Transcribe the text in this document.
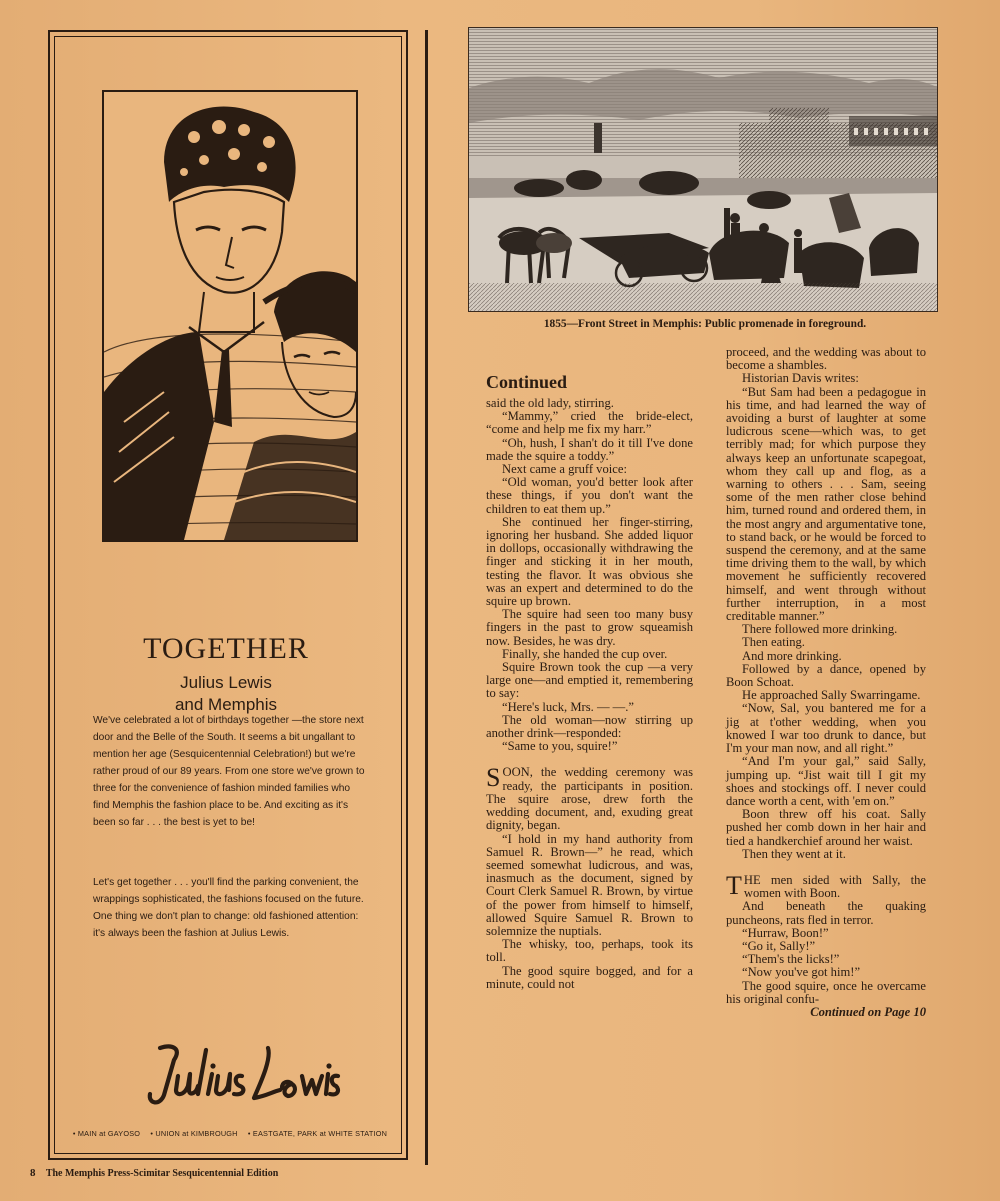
TOGETHER
Julius Lewis
and Memphis

We've celebrated a lot of birthdays together —the store next door and the Belle of the South. It seems a bit ungallant to mention her age (Sesquicentennial Celebration!) but we're rather proud of our 89 years. From one store we've grown to three for the convenience of fashion minded families who find Memphis the fashion place to be. And exciting as it's been so far . . . the best is yet to be!

Let's get together . . . you'll find the parking convenient, the wrappings sophisticated, the fashions focused on the future. One thing we don't plan to change: old fashioned attention: it's always been the fashion at Julius Lewis.

• MAIN at GAYOSO • UNION at KIMBROUGH • EASTGATE, PARK at WHITE STATION
8 The Memphis Press-Scimitar Sesquicentennial Edition
1855—Front Street in Memphis: Public promenade in foreground.
Continued

said the old lady, stirring.

“Mammy,” cried the bride-elect, “come and help me fix my harr.”

“Oh, hush, I shan't do it till I've done made the squire a toddy.”

Next came a gruff voice:

“Old woman, you'd better look after these things, if you don't want the children to eat them up.”

She continued her finger-stirring, ignoring her husband. She added liquor in dollops, occasionally withdrawing the finger and sticking it in her mouth, testing the flavor. It was obvious she was an expert and determined to do the squire up brown.

The squire had seen too many busy fingers in the past to grow squeamish now. Besides, he was dry.

Finally, she handed the cup over.

Squire Brown took the cup —a very large one—and emptied it, remembering to say:

“Here's luck, Mrs. — —.”

The old woman—now stirring up another drink—responded:

“Same to you, squire!”

SOON, the wedding ceremony was ready, the participants in position. The squire arose, drew forth the wedding document, and, exuding great dignity, began.

“I hold in my hand authority from Samuel R. Brown—” he read, which seemed somewhat ludicrous, and was, inasmuch as the document, signed by Court Clerk Samuel R. Brown, by virtue of the power from himself to himself, allowed Squire Samuel R. Brown to solemnize the nuptials.

The whisky, too, perhaps, took its toll.

The good squire bogged, and for a minute, could not

proceed, and the wedding was about to become a shambles.

Historian Davis writes:

“But Sam had been a pedagogue in his time, and had learned the way of avoiding a burst of laughter at some ludicrous scene—which was, to get terribly mad; for which purpose they always keep an unfortunate scapegoat, whom they call up and flog, as a warning to others . . . Sam, seeing some of the men rather close behind him, turned round and ordered them, in the most angry and argumentative tone, to stand back, or he would be forced to suspend the ceremony, and at the same time driving them to the wall, by which movement he sufficiently recovered himself, and went through without further interruption, in a most creditable manner.”

There followed more drinking.

Then eating.

And more drinking.

Followed by a dance, opened by Boon Schoat.

He approached Sally Swarringame.

“Now, Sal, you bantered me for a jig at t'other wedding, when you knowed I war too drunk to dance, but I'm your man now, and all right.”

“And I'm your gal,” said Sally, jumping up. “Jist wait till I git my shoes and stockings off. I never could dance worth a cent, with 'em on.”

Boon threw off his coat. Sally pushed her comb down in her hair and tied a handkerchief around her waist.

Then they went at it.

THE men sided with Sally, the women with Boon.

And beneath the quaking puncheons, rats fled in terror.

“Hurraw, Boon!”

“Go it, Sally!”

“Them's the licks!”

“Now you've got him!”

The good squire, once he overcame his original confu-

Continued on Page 10
